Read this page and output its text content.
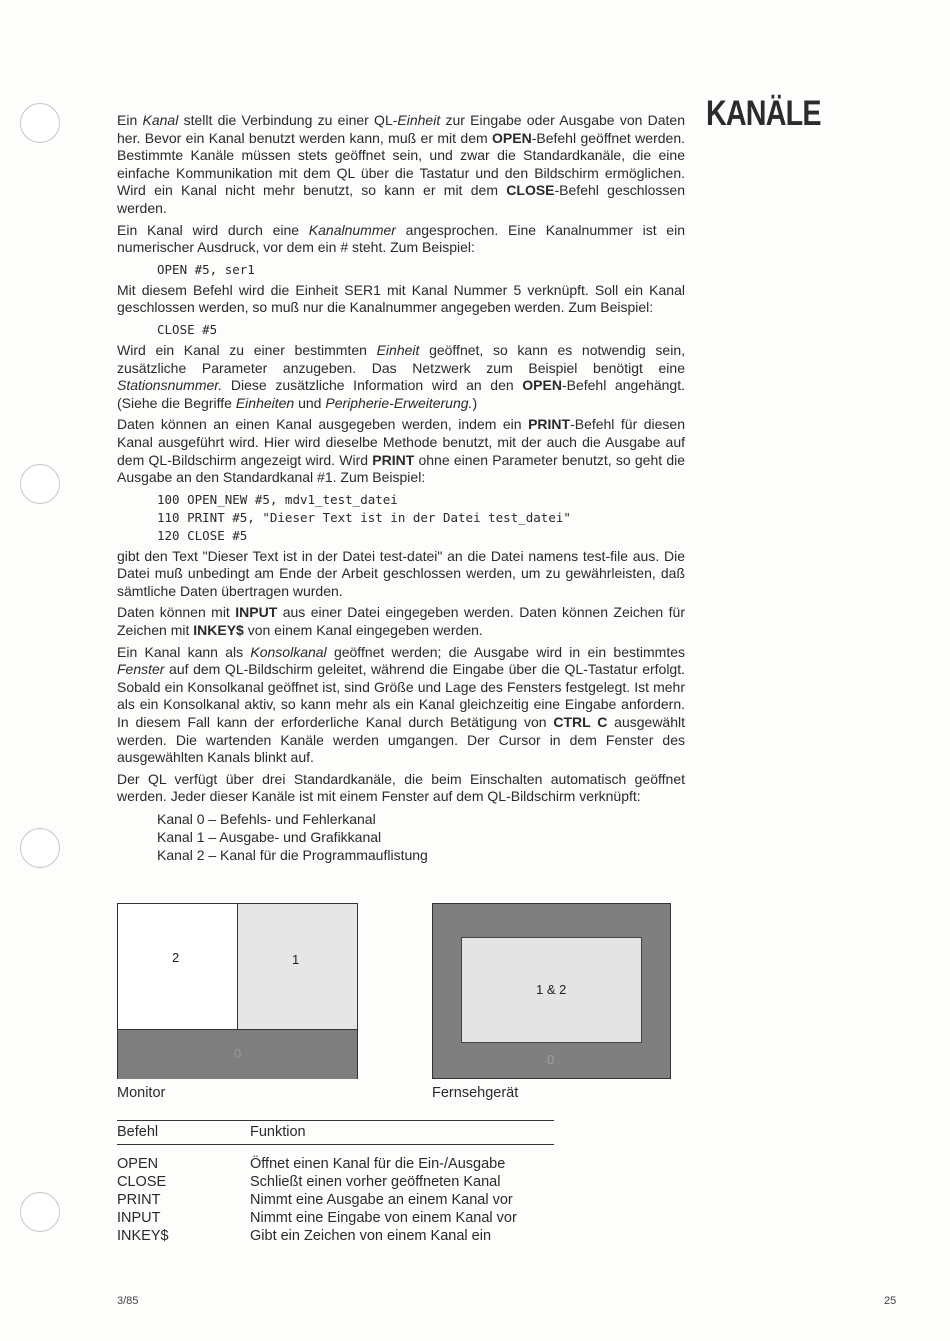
KANÄLE

Ein Kanal stellt die Verbindung zu einer QL-Einheit zur Eingabe oder Ausgabe von Daten her. Bevor ein Kanal benutzt werden kann, muß er mit dem OPEN-Befehl geöffnet werden. Bestimmte Kanäle müssen stets geöffnet sein, und zwar die Standardkanäle, die eine einfache Kommunikation mit dem QL über die Tastatur und den Bildschirm ermöglichen. Wird ein Kanal nicht mehr benutzt, so kann er mit dem CLOSE-Befehl geschlossen werden.

Ein Kanal wird durch eine Kanalnummer angesprochen. Eine Kanalnummer ist ein numerischer Ausdruck, vor dem ein # steht. Zum Beispiel:

OPEN #5, ser1

Mit diesem Befehl wird die Einheit SER1 mit Kanal Nummer 5 verknüpft. Soll ein Kanal geschlossen werden, so muß nur die Kanalnummer angegeben werden. Zum Beispiel:

CLOSE #5

Wird ein Kanal zu einer bestimmten Einheit geöffnet, so kann es notwendig sein, zusätzliche Parameter anzugeben. Das Netzwerk zum Beispiel benötigt eine Stationsnummer. Diese zusätzliche Information wird an den OPEN-Befehl angehängt. (Siehe die Begriffe Einheiten und Peripherie-Erweiterung.)

Daten können an einen Kanal ausgegeben werden, indem ein PRINT-Befehl für diesen Kanal ausgeführt wird. Hier wird dieselbe Methode benutzt, mit der auch die Ausgabe auf dem QL-Bildschirm angezeigt wird. Wird PRINT ohne einen Parameter benutzt, so geht die Ausgabe an den Standardkanal #1. Zum Beispiel:

100 OPEN_NEW #5, mdv1_test_datei
110 PRINT #5, "Dieser Text ist in der Datei test_datei"
120 CLOSE #5

gibt den Text "Dieser Text ist in der Datei test-datei" an die Datei namens test-file aus. Die Datei muß unbedingt am Ende der Arbeit geschlossen werden, um zu gewährleisten, daß sämtliche Daten übertragen wurden.

Daten können mit INPUT aus einer Datei eingegeben werden. Daten können Zeichen für Zeichen mit INKEY$ von einem Kanal eingegeben werden.

Ein Kanal kann als Konsolkanal geöffnet werden; die Ausgabe wird in ein bestimmtes Fenster auf dem QL-Bildschirm geleitet, während die Eingabe über die QL-Tastatur erfolgt. Sobald ein Konsolkanal geöffnet ist, sind Größe und Lage des Fensters festgelegt. Ist mehr als ein Konsolkanal aktiv, so kann mehr als ein Kanal gleichzeitig eine Eingabe anfordern. In diesem Fall kann der erforderliche Kanal durch Betätigung von CTRL C ausgewählt werden. Die wartenden Kanäle werden umgangen. Der Cursor in dem Fenster des ausgewählten Kanals blinkt auf.

Der QL verfügt über drei Standardkanäle, die beim Einschalten automatisch geöffnet werden. Jeder dieser Kanäle ist mit einem Fenster auf dem QL-Bildschirm verknüpft:

Kanal 0 – Befehls- und Fehlerkanal
Kanal 1 – Ausgabe- und Grafikkanal
Kanal 2 – Kanal für die Programmauflistung
2	1
0
1 & 2
0
Monitor	Fernsehgerät
Befehl	Funktion
OPEN	Öffnet einen Kanal für die Ein-/Ausgabe
CLOSE	Schließt einen vorher geöffneten Kanal
PRINT	Nimmt eine Ausgabe an einem Kanal vor
INPUT	Nimmt eine Eingabe von einem Kanal vor
INKEY$	Gibt ein Zeichen von einem Kanal ein
3/85	25
